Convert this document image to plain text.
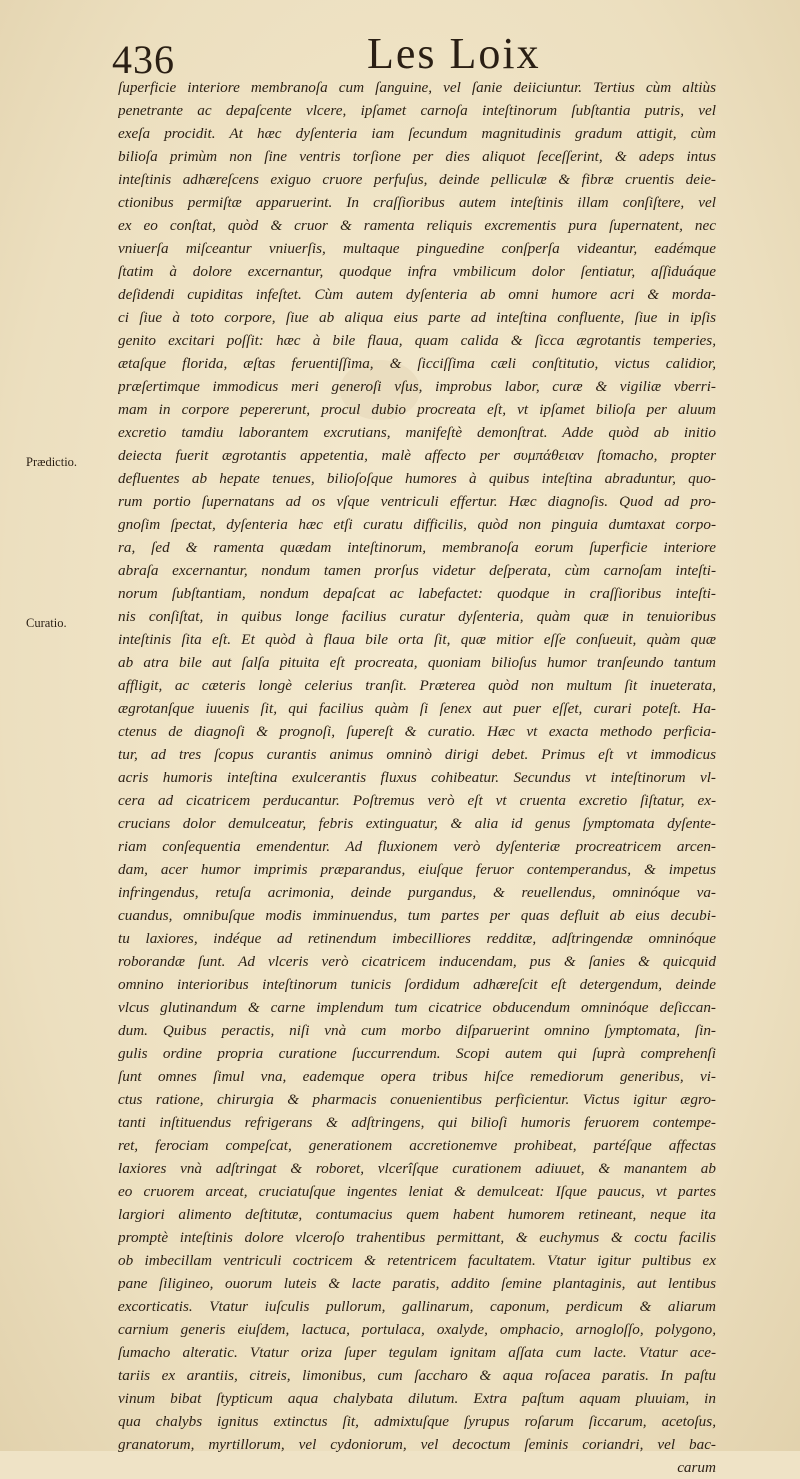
436	Les Loix
Prædictio.
Curatio.
ſuperficie interiore membranoſa cum ſanguine, vel ſanie deiiciuntur. Tertius cùm altiùs
penetrante ac depaſcente vlcere, ipſamet carnoſa inteſtinorum ſubſtantia putris, vel
exeſa procidit. At hæc dyſenteria iam ſecundum magnitudinis gradum attigit, cùm
bilioſa primùm non ſine ventris torſione per dies aliquot ſeceſſerint, & adeps intus
inteſtinis adhæreſcens exiguo cruore perfuſus, deinde pelliculæ & fibræ cruentis deie-
ctionibus permiſtæ apparuerint. In craſſioribus autem inteſtinis illam conſiſtere, vel
ex eo conſtat, quòd & cruor & ramenta reliquis excrementis pura ſupernatent, nec
vniuerſa miſceantur vniuerſis, multaque pinguedine conſperſa videantur, eadémque
ſtatim à dolore excernantur, quodque infra vmbilicum dolor ſentiatur, aſſiduáque
deſidendi cupiditas infeſtet. Cùm autem dyſenteria ab omni humore acri & morda-
ci ſiue à toto corpore, ſiue ab aliqua eius parte ad inteſtina confluente, ſiue in ipſis
genito excitari poſſit: hæc à bile flaua, quam calida & ſicca ægrotantis temperies,
ætaſque florida, æſtas feruentiſſima, & ſicciſſima cæli conſtitutio, victus calidior,
præſertimque immodicus meri generoſi vſus, improbus labor, curæ & vigiliæ vberri-
mam in corpore pepererunt, procul dubio procreata eſt, vt ipſamet bilioſa per aluum
excretio tamdiu laborantem excrutians, manifeſtè demonſtrat. Adde quòd ab initio
deiecta fuerit ægrotantis appetentia, malè affecto per συμπάθειαν ſtomacho, propter
defluentes ab hepate tenues, bilioſoſque humores à quibus inteſtina abraduntur, quo-
rum portio ſupernatans ad os vſque ventriculi effertur. Hæc diagnoſis. Quod ad pro-
gnoſim ſpectat, dyſenteria hæc etſi curatu difficilis, quòd non pinguia dumtaxat corpo-
ra, ſed & ramenta quædam inteſtinorum, membranoſa eorum ſuperficie interiore
abraſa excernantur, nondum tamen prorſus videtur deſperata, cùm carnoſam inteſti-
norum ſubſtantiam, nondum depaſcat ac labefactet: quodque in craſſioribus inteſti-
nis conſiſtat, in quibus longe facilius curatur dyſenteria, quàm quæ in tenuioribus
inteſtinis ſita eſt. Et quòd à flaua bile orta ſit, quæ mitior eſſe conſueuit, quàm quæ
ab atra bile aut ſalſa pituita eſt procreata, quoniam bilioſus humor tranſeundo tantum
affligit, ac cæteris longè celerius tranſit. Præterea quòd non multum ſit inueterata,
ægrotanſque iuuenis ſit, qui facilius quàm ſi ſenex aut puer eſſet, curari poteſt. Ha-
ctenus de diagnoſi & prognoſi, ſupereſt & curatio. Hæc vt exacta methodo perficia-
tur, ad tres ſcopus curantis animus omninò dirigi debet. Primus eſt vt immodicus
acris humoris inteſtina exulcerantis fluxus cohibeatur. Secundus vt inteſtinorum vl-
cera ad cicatricem perducantur. Poſtremus verò eſt vt cruenta excretio ſiſtatur, ex-
crucians dolor demulceatur, febris extinguatur, & alia id genus ſymptomata dyſente-
riam conſequentia emendentur. Ad fluxionem verò dyſenteriæ procreatricem arcen-
dam, acer humor imprimis præparandus, eiuſque feruor contemperandus, & impetus
infringendus, retuſa acrimonia, deinde purgandus, & reuellendus, omninóque va-
cuandus, omnibuſque modis imminuendus, tum partes per quas defluit ab eius decubi-
tu laxiores, indéque ad retinendum imbecilliores redditæ, adſtringendæ omninóque
roborandæ ſunt. Ad vlceris verò cicatricem inducendam, pus & ſanies & quicquid
omnino interioribus inteſtinorum tunicis ſordidum adhæreſcit eſt detergendum, deinde
vlcus glutinandum & carne implendum tum cicatrice obducendum omninóque deſiccan-
dum. Quibus peractis, niſi vnà cum morbo diſparuerint omnino ſymptomata, ſin-
gulis ordine propria curatione ſuccurrendum. Scopi autem qui ſuprà comprehenſi
ſunt omnes ſimul vna, eademque opera tribus hiſce remediorum generibus, vi-
ctus ratione, chirurgia & pharmacis conuenientibus perficientur. Victus igitur ægro-
tanti inſtituendus refrigerans & adſtringens, qui bilioſi humoris feruorem contempe-
ret, ferociam compeſcat, generationem accretionemve prohibeat, partéſque affectas
laxiores vnà adſtringat & roboret, vlcerîſque curationem adiuuet, & manantem ab
eo cruorem arceat, cruciatuſque ingentes leniat & demulceat: Iſque paucus, vt partes
largiori alimento deſtitutæ, contumacius quem habent humorem retineant, neque ita
promptè inteſtinis dolore vlceroſo trahentibus permittant, & euchymus & coctu facilis
ob imbecillam ventriculi coctricem & retentricem facultatem. Vtatur igitur pultibus ex
pane ſiligineo, ouorum luteis & lacte paratis, addito ſemine plantaginis, aut lentibus
excorticatis. Vtatur iuſculis pullorum, gallinarum, caponum, perdicum & aliarum
carnium generis eiuſdem, lactuca, portulaca, oxalyde, omphacio, arnogloſſo, polygono,
ſumacho alteratic. Vtatur oriza ſuper tegulam ignitam aſſata cum lacte. Vtatur ace-
tariis ex arantiis, citreis, limonibus, cum ſaccharo & aqua roſacea paratis. In paſtu
vinum bibat ſtypticum aqua chalybata dilutum. Extra paſtum aquam pluuiam, in
qua chalybs ignitus extinctus ſit, admixtuſque ſyrupus roſarum ſiccarum, acetoſus,
granatorum, myrtillorum, vel cydoniorum, vel decoctum ſeminis coriandri, vel bac-
carum
